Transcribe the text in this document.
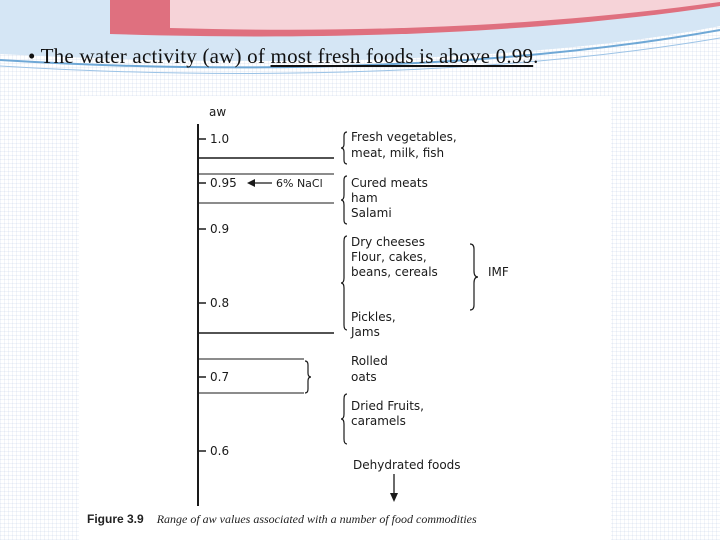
• The water activity (aw) of most fresh foods is above 0.99.
aw
1.0
0.95
0.9
0.8
0.7
0.6
6% NaCl
Fresh vegetables,
meat, milk, fish
Cured meats
ham
Salami
Dry cheeses
Flour, cakes,
beans, cereals
Pickles,
Jams
Rolled
oats
Dried Fruits,
caramels
Dehydrated foods
IMF
Figure 3.9 Range of aw values associated with a number of food commodities
